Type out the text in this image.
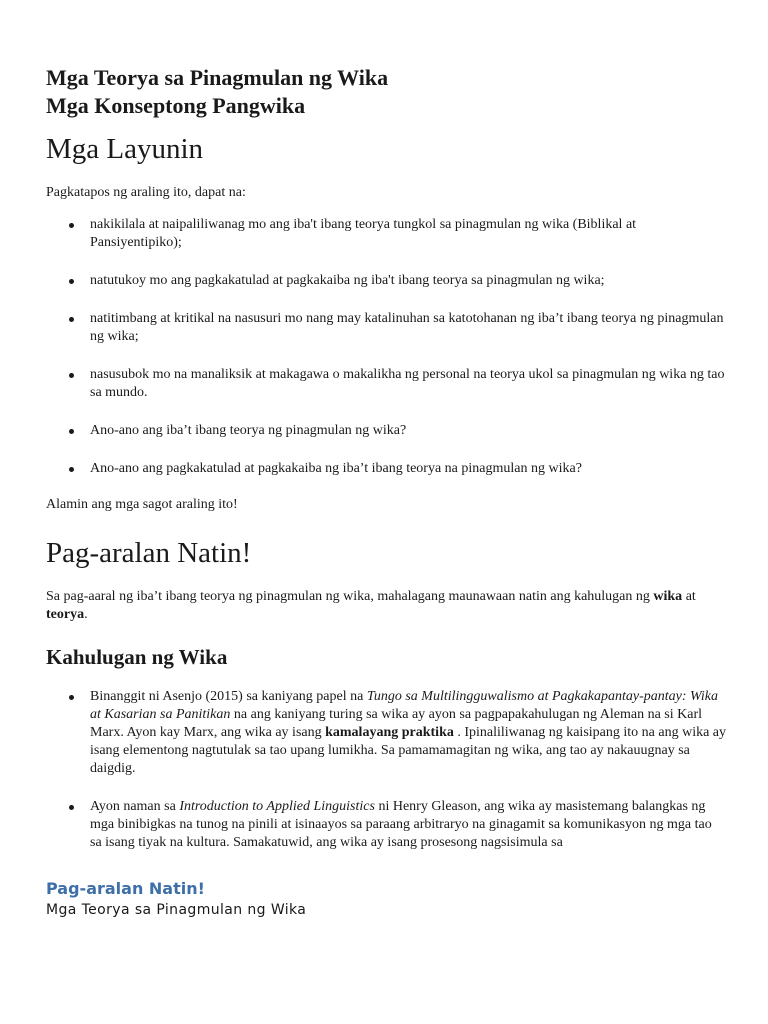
Mga Teorya sa Pinagmulan ng Wika
Mga Konseptong Pangwika
Mga Layunin
Pagkatapos ng araling ito, dapat na:
nakikilala at naipaliliwanag mo ang iba't ibang teorya tungkol sa pinagmulan ng wika (Biblikal at Pansiyentipiko);
natutukoy mo ang pagkakatulad at pagkakaiba ng iba't ibang teorya sa pinagmulan ng wika;
natitimbang at kritikal na nasusuri mo nang may katalinuhan sa katotohanan ng iba’t ibang teorya ng pinagmulan ng wika;
nasusubok mo na manaliksik at makagawa o makalikha ng personal na teorya ukol sa pinagmulan ng wika ng tao sa mundo.
Ano-ano ang iba’t ibang teorya ng pinagmulan ng wika?
Ano-ano ang pagkakatulad at pagkakaiba ng iba’t ibang teorya na pinagmulan ng wika?
Alamin ang mga sagot araling ito!
Pag-aralan Natin!
Sa pag-aaral ng iba’t ibang teorya ng pinagmulan ng wika, mahalagang maunawaan natin ang kahulugan ng wika at teorya.
Kahulugan ng Wika
Binanggit ni Asenjo (2015) sa kaniyang papel na Tungo sa Multilingguwalismo at Pagkakapantay-pantay: Wika at Kasarian sa Panitikan na ang kaniyang turing sa wika ay ayon sa pagpapakahulugan ng Aleman na si Karl Marx. Ayon kay Marx, ang wika ay isang kamalayang praktika . Ipinaliliwanag ng kaisipang ito na ang wika ay isang elementong nagtutulak sa tao upang lumikha. Sa pamamamagitan ng wika, ang tao ay nakauugnay sa daigdig.
Ayon naman sa Introduction to Applied Linguistics ni Henry Gleason, ang wika ay masistemang balangkas ng mga binibigkas na tunog na pinili at isinaayos sa paraang arbitraryo na ginagamit sa komunikasyon ng mga tao sa isang tiyak na kultura. Samakatuwid, ang wika ay isang prosesong nagsisimula sa
Pag-aralan Natin!
Mga Teorya sa Pinagmulan ng Wika
